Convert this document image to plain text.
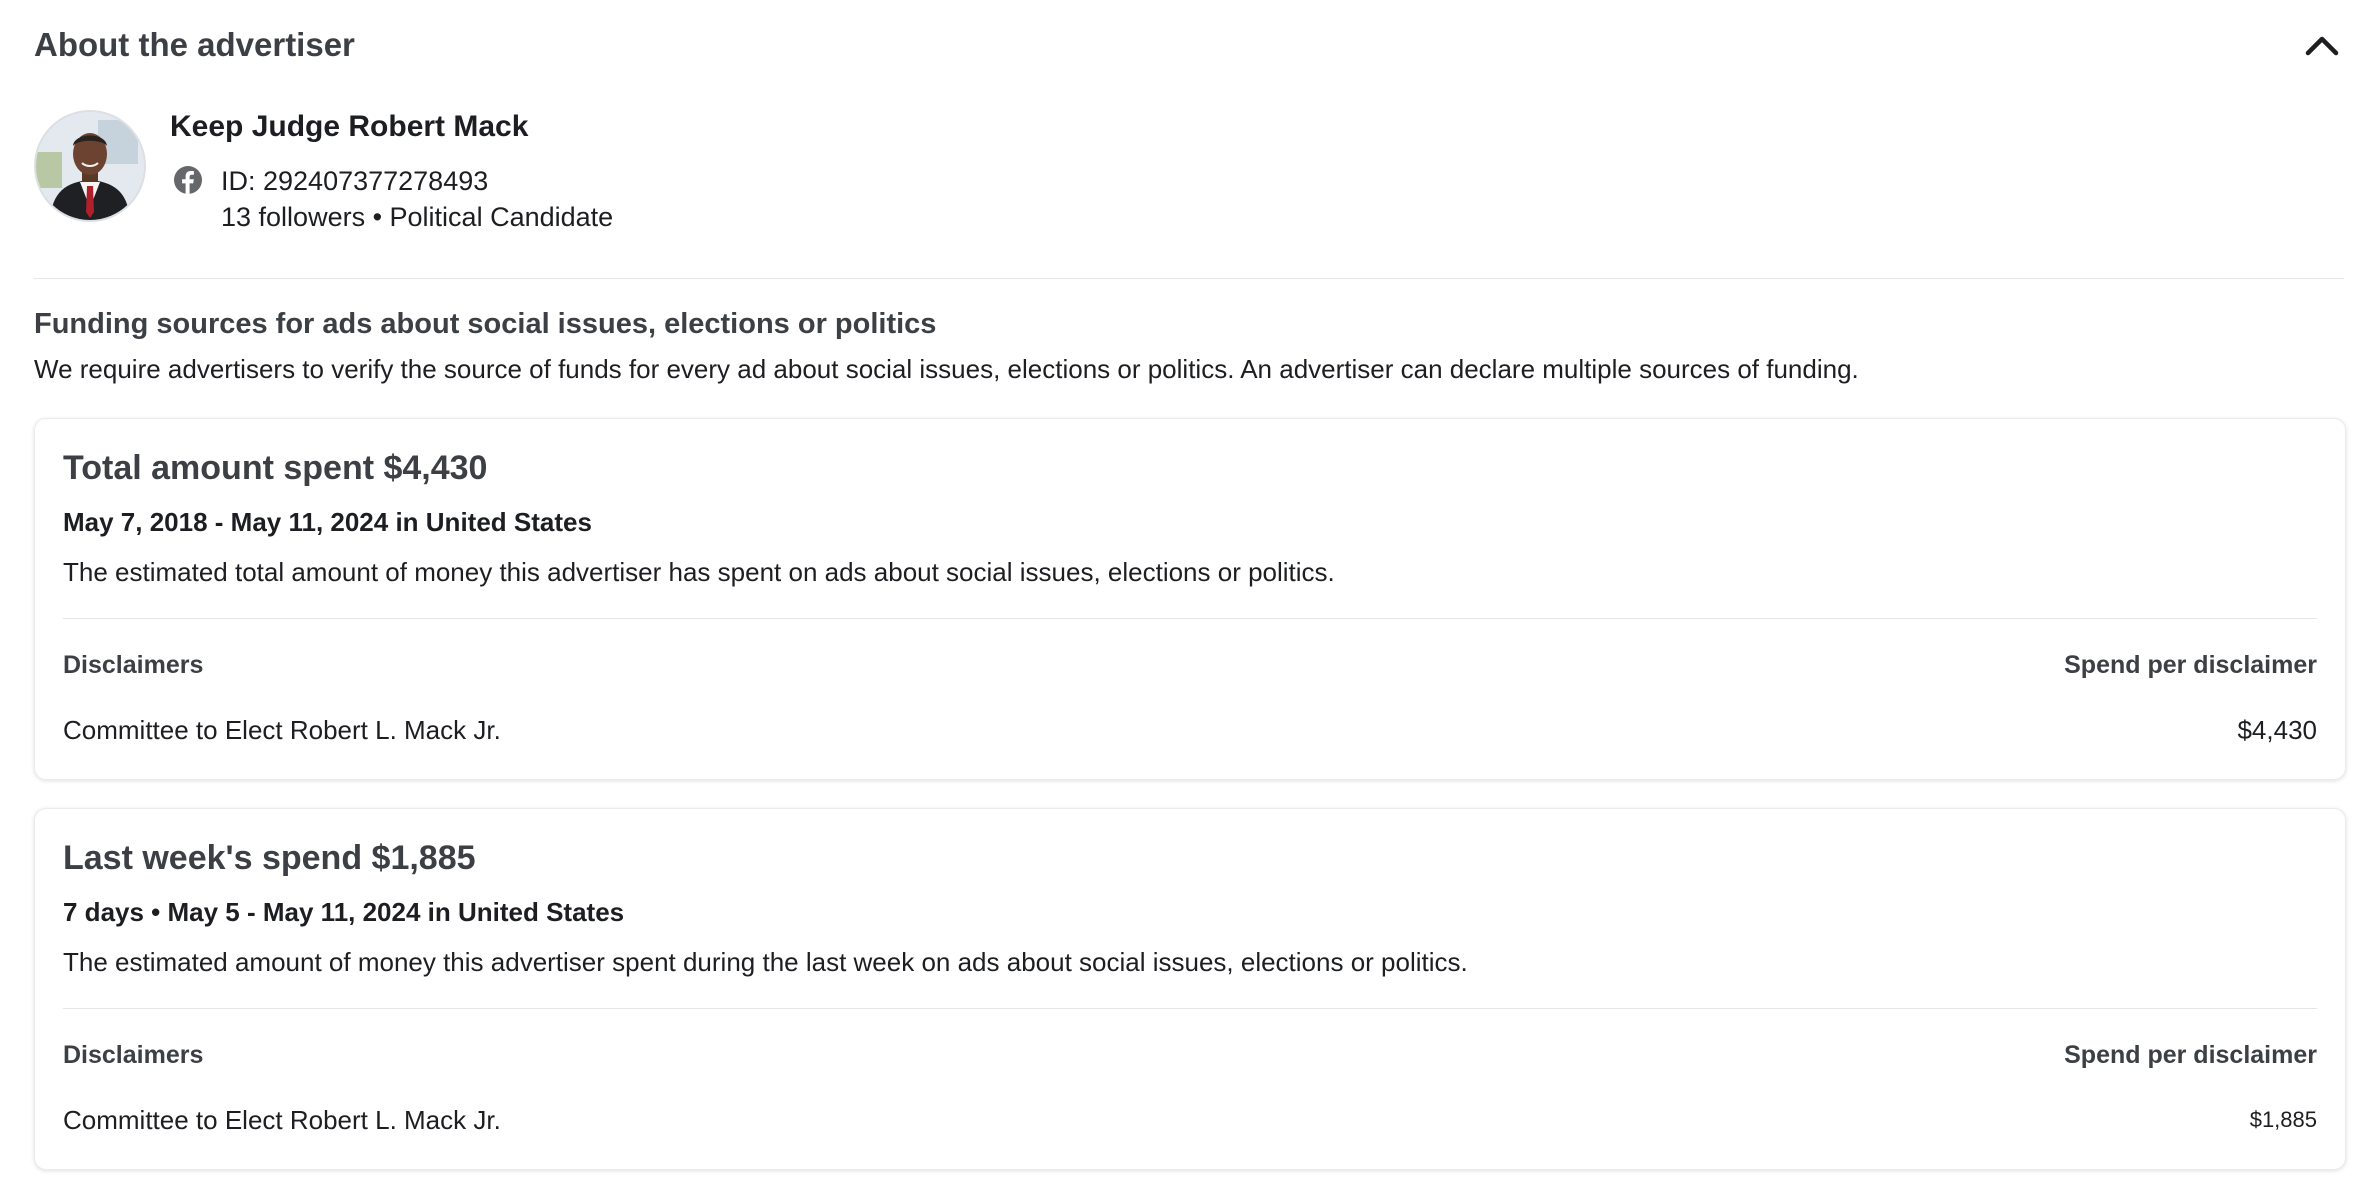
About the advertiser
Keep Judge Robert Mack
ID: 292407377278493
13 followers • Political Candidate
Funding sources for ads about social issues, elections or politics
We require advertisers to verify the source of funds for every ad about social issues, elections or politics. An advertiser can declare multiple sources of funding.
Total amount spent $4,430
May 7, 2018 - May 11, 2024 in United States
The estimated total amount of money this advertiser has spent on ads about social issues, elections or politics.
Disclaimers	Spend per disclaimer
Committee to Elect Robert L. Mack Jr.	$4,430
Last week's spend $1,885
7 days • May 5 - May 11, 2024 in United States
The estimated amount of money this advertiser spent during the last week on ads about social issues, elections or politics.
Disclaimers	Spend per disclaimer
Committee to Elect Robert L. Mack Jr.	$1,885
